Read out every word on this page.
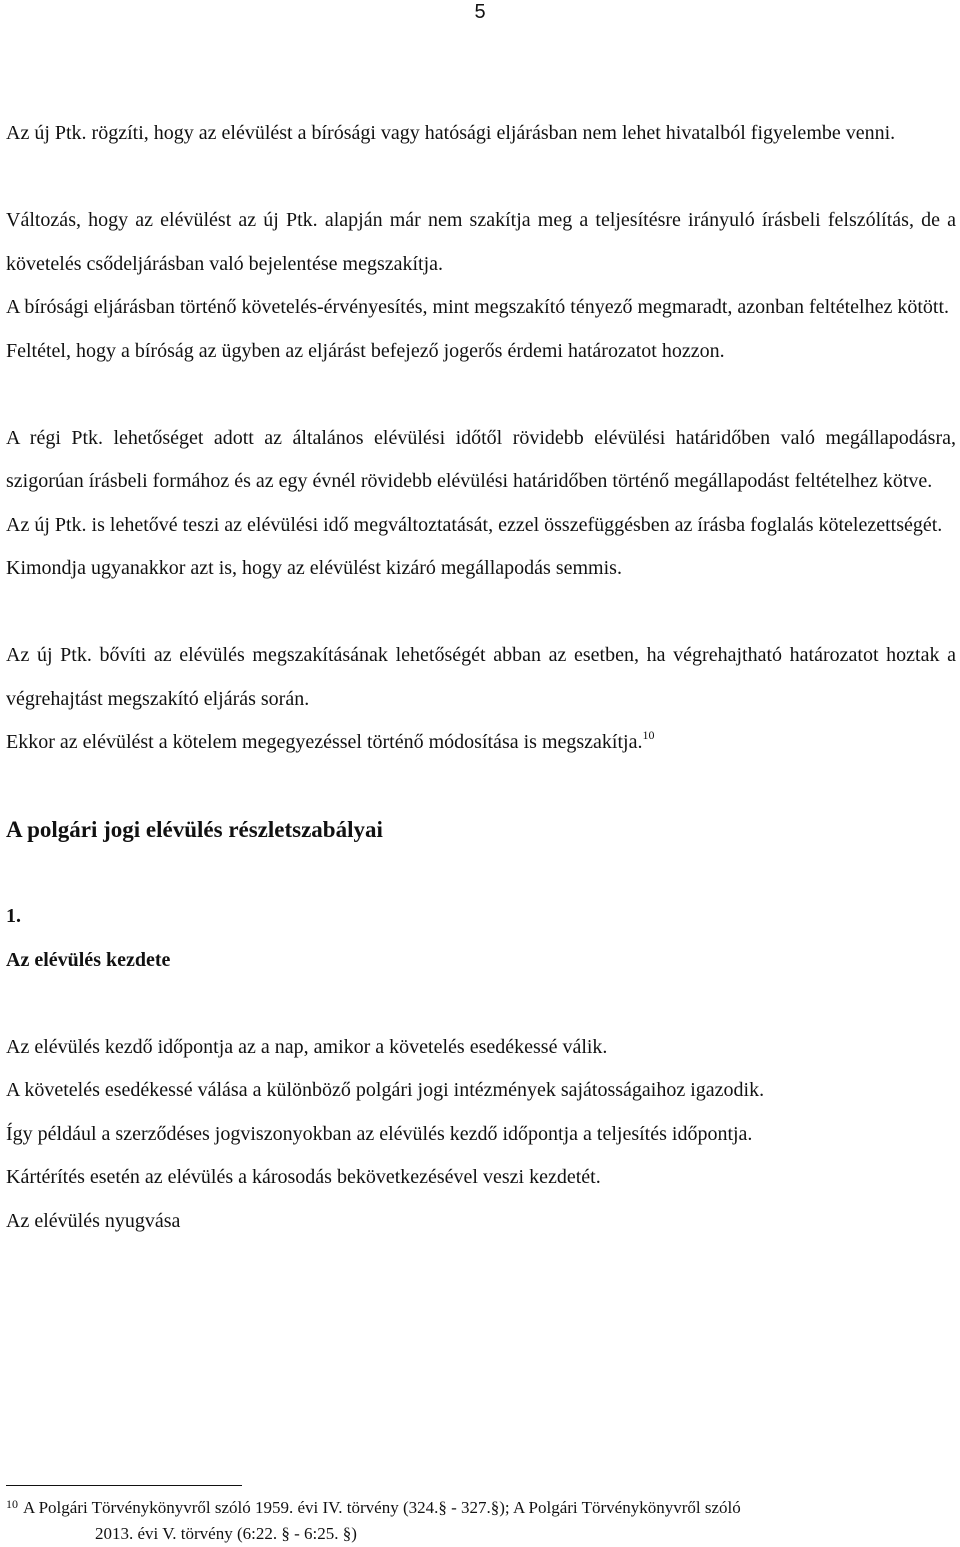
5

Az új Ptk. rögzíti, hogy az elévülést a bírósági vagy hatósági eljárásban nem lehet hivatalból figyelembe venni.

Változás, hogy az elévülést az új Ptk. alapján már nem szakítja meg a teljesítésre irányuló írásbeli felszólítás, de a követelés csődeljárásban való bejelentése megszakítja.

A bírósági eljárásban történő követelés-érvényesítés, mint megszakító tényező megmaradt, azonban feltételhez kötött.

Feltétel, hogy a bíróság az ügyben az eljárást befejező jogerős érdemi határozatot hozzon.

A régi Ptk. lehetőséget adott az általános elévülési időtől rövidebb elévülési határidőben való megállapodásra, szigorúan írásbeli formához és az egy évnél rövidebb elévülési határidőben történő megállapodást feltételhez kötve.

Az új Ptk. is lehetővé teszi az elévülési idő megváltoztatását, ezzel összefüggésben az írásba foglalás kötelezettségét.

Kimondja ugyanakkor azt is, hogy az elévülést kizáró megállapodás semmis.

Az új Ptk. bővíti az elévülés megszakításának lehetőségét abban az esetben, ha végrehajtható határozatot hoztak a végrehajtást megszakító eljárás során.

Ekkor az elévülést a kötelem megegyezéssel történő módosítása is megszakítja.$^{10}$

A polgári jogi elévülés részletszabályai

1.

Az elévülés kezdete

Az elévülés kezdő időpontja az a nap, amikor a követelés esedékessé válik.

A követelés esedékessé válása a különböző polgári jogi intézmények sajátosságaihoz igazodik.

Így például a szerződéses jogviszonyokban az elévülés kezdő időpontja a teljesítés időpontja.

Kártérítés esetén az elévülés a károsodás bekövetkezésével veszi kezdetét.

Az elévülés nyugvása

10 A Polgári Törvénykönyvről szóló 1959. évi IV. törvény (324.§ - 327.§); A Polgári Törvénykönyvről szóló
2013. évi V. törvény (6:22. § - 6:25. §)
